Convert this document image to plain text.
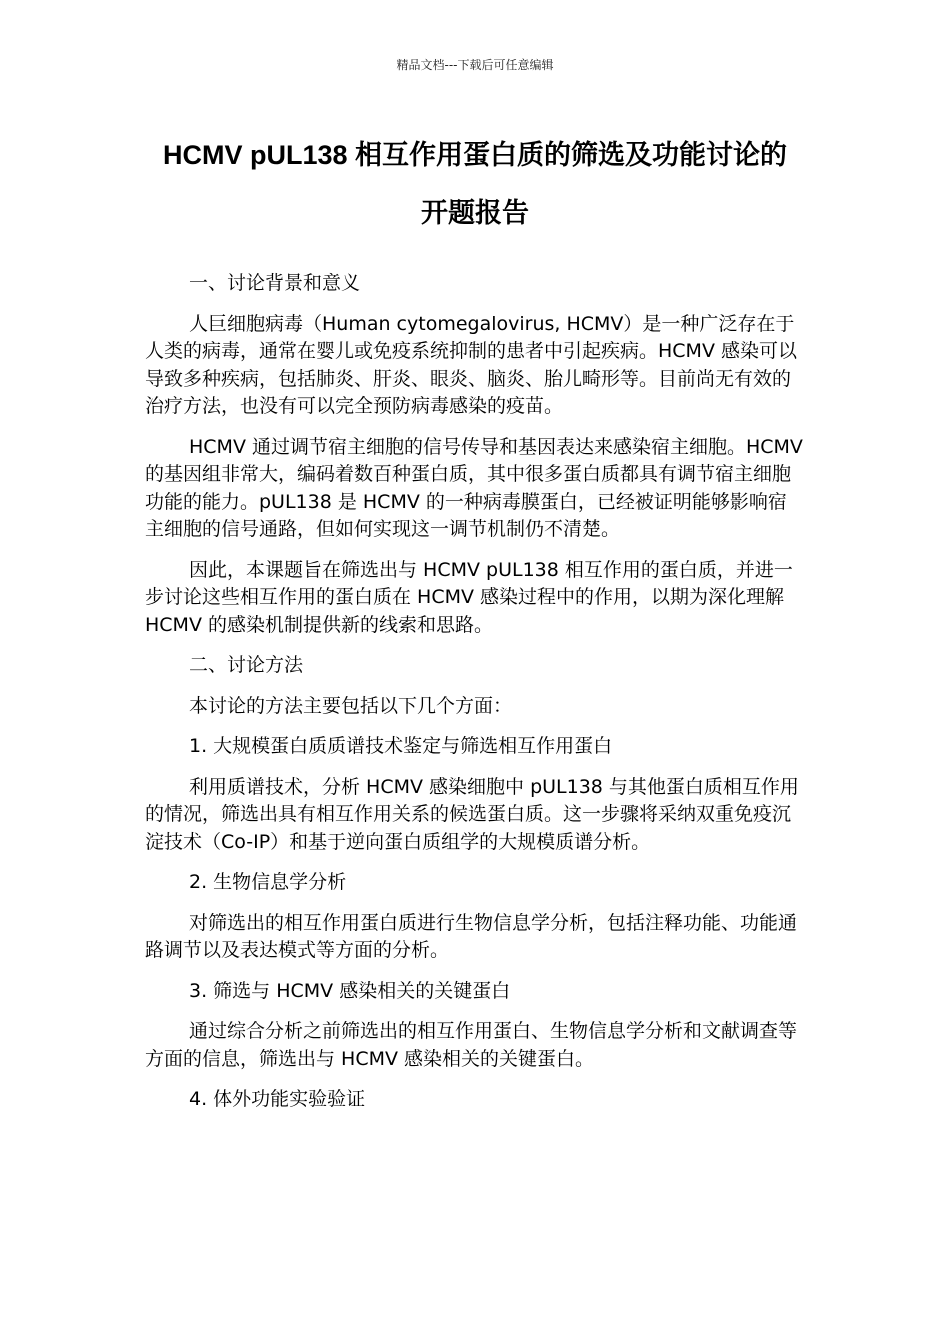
精品文档---下载后可任意编辑
HCMV pUL138 相互作用蛋白质的筛选及功能讨论的
开题报告

一、讨论背景和意义

人巨细胞病毒（Human cytomegalovirus, HCMV）是一种广泛存在于人类的病毒，通常在婴儿或免疫系统抑制的患者中引起疾病。HCMV 感染可以导致多种疾病，包括肺炎、肝炎、眼炎、脑炎、胎儿畸形等。目前尚无有效的治疗方法，也没有可以完全预防病毒感染的疫苗。

HCMV 通过调节宿主细胞的信号传导和基因表达来感染宿主细胞。HCMV 的基因组非常大，编码着数百种蛋白质，其中很多蛋白质都具有调节宿主细胞功能的能力。pUL138 是 HCMV 的一种病毒膜蛋白，已经被证明能够影响宿主细胞的信号通路，但如何实现这一调节机制仍不清楚。

因此，本课题旨在筛选出与 HCMV pUL138 相互作用的蛋白质，并进一步讨论这些相互作用的蛋白质在 HCMV 感染过程中的作用，以期为深化理解 HCMV 的感染机制提供新的线索和思路。

二、讨论方法

本讨论的方法主要包括以下几个方面：

1. 大规模蛋白质质谱技术鉴定与筛选相互作用蛋白

利用质谱技术，分析 HCMV 感染细胞中 pUL138 与其他蛋白质相互作用的情况，筛选出具有相互作用关系的候选蛋白质。这一步骤将采纳双重免疫沉淀技术（Co-IP）和基于逆向蛋白质组学的大规模质谱分析。

2. 生物信息学分析

对筛选出的相互作用蛋白质进行生物信息学分析，包括注释功能、功能通路调节以及表达模式等方面的分析。

3. 筛选与 HCMV 感染相关的关键蛋白

通过综合分析之前筛选出的相互作用蛋白、生物信息学分析和文献调查等方面的信息，筛选出与 HCMV 感染相关的关键蛋白。

4. 体外功能实验验证
